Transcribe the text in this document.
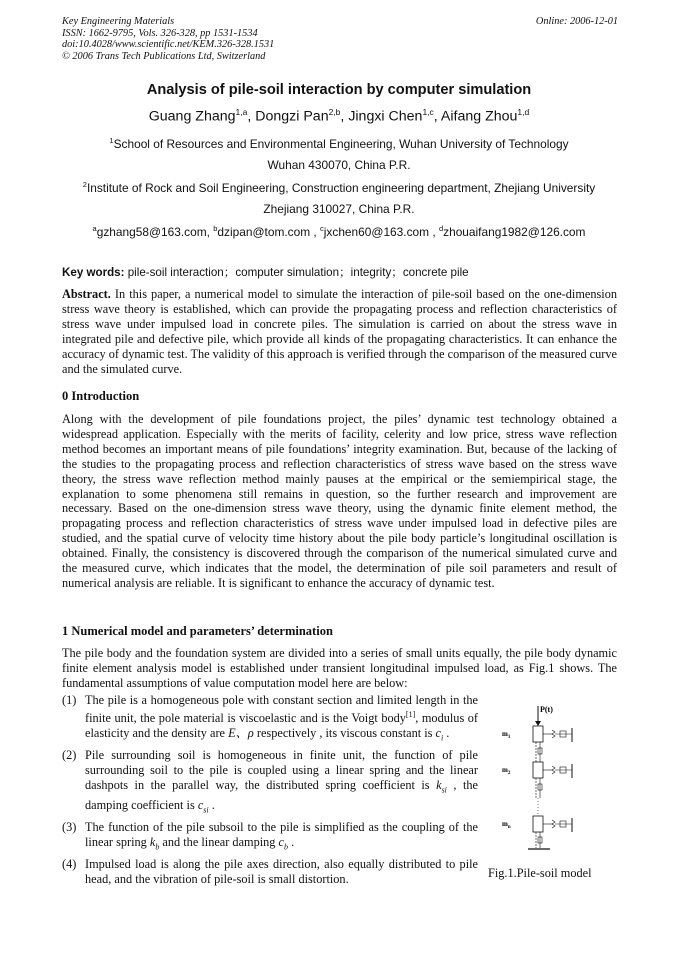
Key Engineering Materials
ISSN: 1662-9795, Vols. 326-328, pp 1531-1534
doi:10.4028/www.scientific.net/KEM.326-328.1531
© 2006 Trans Tech Publications Ltd, Switzerland
Online: 2006-12-01
Analysis of pile-soil interaction by computer simulation
Guang Zhang$^{1,a}$, Dongzi Pan$^{2,b}$, Jingxi Chen$^{1,c}$, Aifang Zhou$^{1,d}$
$^1$School of Resources and Environmental Engineering, Wuhan University of Technology
Wuhan 430070, China P.R.
$^2$Institute of Rock and Soil Engineering, Construction engineering department, Zhejiang University
Zhejiang 310027, China P.R.
$^a$gzhang58@163.com, $^b$dzipan@tom.com , $^c$jxchen60@163.com , $^d$zhouaifang1982@126.com
Key words: pile-soil interaction；computer simulation；integrity；concrete pile
Abstract. In this paper, a numerical model to simulate the interaction of pile-soil based on the one-dimension stress wave theory is established, which can provide the propagating process and reflection characteristics of stress wave under impulsed load in concrete piles. The simulation is carried on about the stress wave in integrated pile and defective pile, which provide all kinds of the propagating characteristics. It can enhance the accuracy of dynamic test. The validity of this approach is verified through the comparison of the measured curve and the simulated curve.
0 Introduction
Along with the development of pile foundations project, the piles’ dynamic test technology obtained a widespread application. Especially with the merits of facility, celerity and low price, stress wave reflection method becomes an important means of pile foundations’ integrity examination. But, because of the lacking of the studies to the propagating process and reflection characteristics of stress wave based on the stress wave theory, the stress wave reflection method mainly pauses at the empirical or the semiempirical stage, the explanation to some phenomena still remains in question, so the further research and improvement are necessary. Based on the one-dimension stress wave theory, using the dynamic finite element method, the propagating process and reflection characteristics of stress wave under impulsed load in defective piles are studied, and the spatial curve of velocity time history about the pile body particle’s longitudinal oscillation is obtained. Finally, the consistency is discovered through the comparison of the numerical simulated curve and the measured curve, which indicates that the model, the determination of pile soil parameters and result of numerical analysis are reliable. It is significant to enhance the accuracy of dynamic test.
1 Numerical model and parameters’ determination
The pile body and the foundation system are divided into a series of small units equally, the pile body dynamic finite element analysis model is established under transient longitudinal impulsed load, as Fig.1 shows. The fundamental assumptions of value computation model here are below:
(1) The pile is a homogeneous pole with constant section and limited length in the finite unit, the pole material is viscoelastic and is the Voigt body[1], modulus of elasticity and the density are E、ρ respectively , its viscous constant is $c_i$ .
(2) Pile surrounding soil is homogeneous in finite unit, the function of pile surrounding soil to the pile is coupled using a linear spring and the linear dashpots in the parallel way, the distributed spring coefficient is $k_{si}$ , the damping coefficient is $c_{si}$ .
(3) The function of the pile subsoil to the pile is simplified as the coupling of the linear spring $k_b$ and the linear damping $c_b$ .
(4) Impulsed load is along the pile axes direction, also equally distributed to pile head, and the vibration of pile-soil is small distortion.
P(t)
$m_1$
$m_2$
$m_n$
Fig.1.Pile-soil model
